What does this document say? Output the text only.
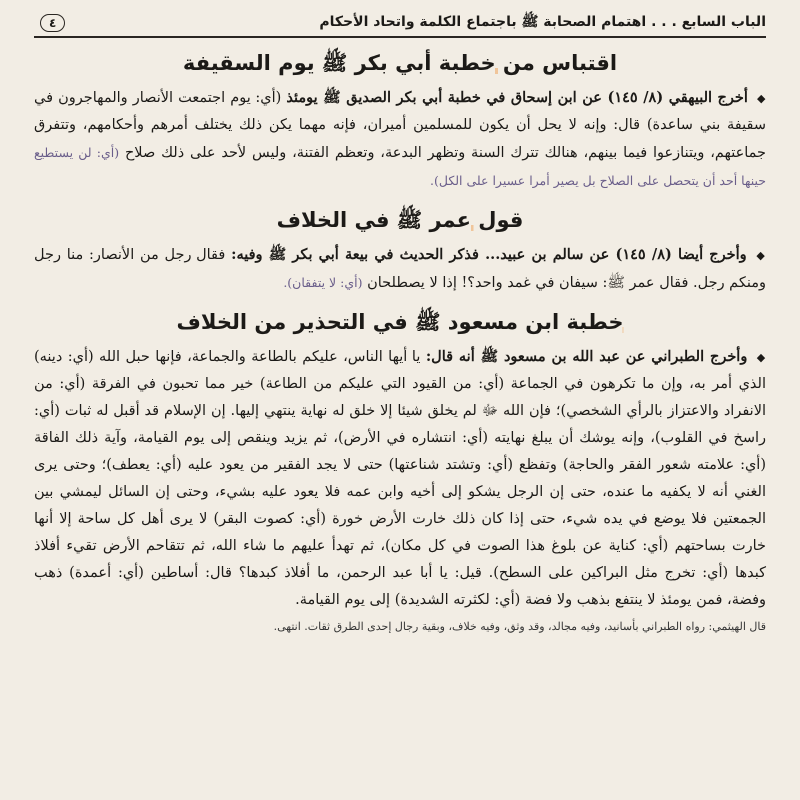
الباب السابع . . . اهتمام الصحابة ﷺ باجتماع الكلمة واتحاد الأحكام
٤
اقتباس من خطبة أبي بكر ﷺ يوم السقيفة

◆ أخرج البيهقي (٨/ ١٤٥) عن ابن إسحاق في خطبة أبي بكر الصديق ﷺ يومئذ (أي: يوم اجتمعت الأنصار والمهاجرون في سقيفة بني ساعدة) قال: وإنه لا يحل أن يكون للمسلمين أميران، فإنه مهما يكن ذلك يختلف أمرهم وأحكامهم، وتتفرق جماعتهم، ويتنازعوا فيما بينهم، هنالك تترك السنة وتظهر البدعة، وتعظم الفتنة، وليس لأحد على ذلك صلاح (أي: لن يستطيع حينها أحد أن يتحصل على الصلاح بل يصير أمرا عسيرا على الكل).

قول عمر ﷺ في الخلاف

◆ وأخرج أيضا (٨/ ١٤٥) عن سالم بن عبيد... فذكر الحديث في بيعة أبي بكر ﷺ وفيه: فقال رجل من الأنصار: منا رجل ومنكم رجل. فقال عمر ﷺ: سيفان في غمد واحد؟! إذا لا يصطلحان (أي: لا يتفقان).

خطبة ابن مسعود ﷺ في التحذير من الخلاف

◆ وأخرج الطبراني عن عبد الله بن مسعود ﷺ أنه قال: يا أيها الناس، عليكم بالطاعة والجماعة، فإنها حبل الله (أي: دينه) الذي أمر به، وإن ما تكرهون في الجماعة (أي: من القيود التي عليكم من الطاعة) خير مما تحبون في الفرقة (أي: من الانفراد والاعتزاز بالرأي الشخصي)؛ فإن الله ﷻ لم يخلق شيئا إلا خلق له نهاية ينتهي إليها. إن الإسلام قد أقبل له ثبات (أي: راسخ في القلوب)، وإنه يوشك أن يبلغ نهايته (أي: انتشاره في الأرض)، ثم يزيد وينقص إلى يوم القيامة، وآية ذلك الفاقة (أي: علامته شعور الفقر والحاجة) وتفظع (أي: وتشتد شناعتها) حتى لا يجد الفقير من يعود عليه (أي: يعطف)؛ وحتى يرى الغني أنه لا يكفيه ما عنده، حتى إن الرجل يشكو إلى أخيه وابن عمه فلا يعود عليه بشيء، وحتى إن السائل ليمشي بين الجمعتين فلا يوضع في يده شيء، حتى إذا كان ذلك خارت الأرض خورة (أي: كصوت البقر) لا يرى أهل كل ساحة إلا أنها خارت بساحتهم (أي: كناية عن بلوغ هذا الصوت في كل مكان)، ثم تهدأ عليهم ما شاء الله، ثم تتقاحم الأرض تقيء أفلاذ كبدها (أي: تخرج مثل البراكين على السطح). قيل: يا أبا عبد الرحمن، ما أفلاذ كبدها؟ قال: أساطين (أي: أعمدة) ذهب وفضة، فمن يومئذ لا ينتفع بذهب ولا فضة (أي: لكثرته الشديدة) إلى يوم القيامة.

قال الهيثمي: رواه الطبراني بأسانيد، وفيه مجالد، وقد وثق، وفيه خلاف، وبقية رجال إحدى الطرق ثقات. انتهى.
